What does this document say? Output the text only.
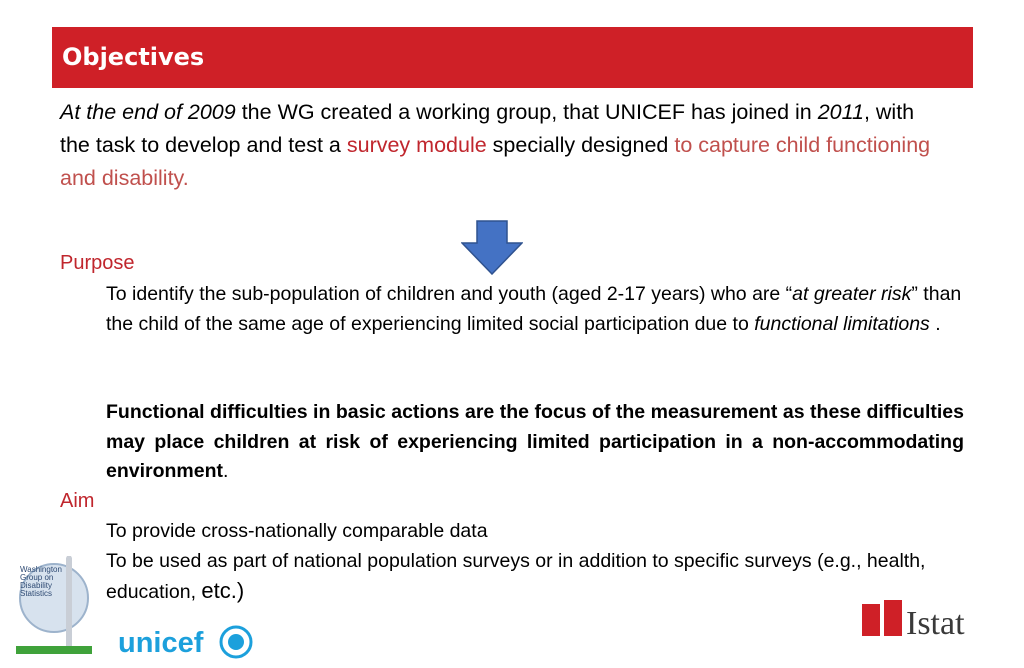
Objectives
At the end of 2009 the WG created a working group, that UNICEF has joined in 2011, with the task to develop and test a survey module specially designed to capture child functioning and disability.
Purpose
To identify the sub-population of children and youth (aged 2-17 years) who are “at greater risk” than the child of the same age of experiencing limited social participation due to functional limitations .
Functional difficulties in basic actions are the focus of the measurement as these difficulties may place children at risk of experiencing limited participation in a non-accommodating environment.
Aim
To provide cross-nationally comparable data
To be used as part of national population surveys or in addition to specific surveys (e.g., health, education, etc.)
Washington
Group on
Disability
Statistics
unicef
Istat
